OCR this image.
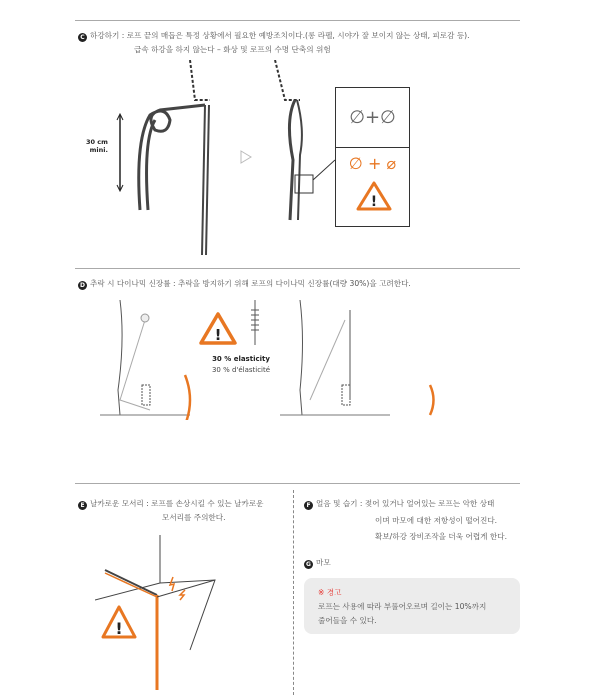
C 하강하기 : 로프 끝의 매듭은 특정 상황에서 필요한 예방조치이다.(롱 라펠, 시야가 잘 보이지 않는 상태, 피로감 등).
급속 하강을 하지 않는다 – 화상 및 로프의 수명 단축의 위험
30 cm
mini.
∅+∅
∅ + ⌀
!
D 추락 시 다이나믹 신장률 : 추락을 방지하기 위해 로프의 다이나믹 신장률(대량 30%)을 고려한다.
!
30 % elasticity
30 % d'élasticité
E 날카로운 모서리 : 로프를 손상시킬 수 있는 날카로운
모서리를 주의한다.
!
F 얼음 및 습기 : 젖어 있거나 얼어있는 로프는 악한 상태
이며 마모에 대한 저항성이 떨어진다.
확보/하강 장비조작을 더욱 어렵게 한다.
G 마모
※ 경고
로프는 사용에 따라 부풀어오르며 길이는 10%까지
줄어들을 수 있다.
